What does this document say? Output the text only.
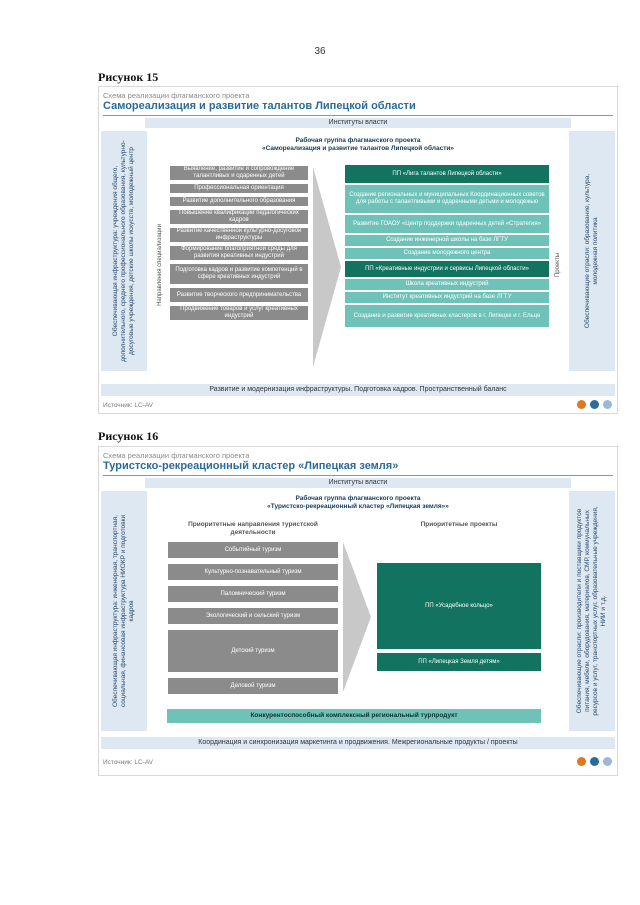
36
Рисунок 15
Схема реализации флагманского проекта
Самореализация и развитие талантов Липецкой области
Институты власти
Обеспечивающая инфраструктура: учреждения общего, дополнительного, среднего профессионального образования, культурно-досуговые учреждения, детские школы искусств, молодежный центр	Обеспечивающие отрасли: образование, культура, молодежная политика
Рабочая группа флагманского проекта
«Самореализация и развитие талантов Липецкой области»
Направления специализации	Проекты
Выявление, развитие и сопровождение талантливых и одаренных детей
Профессиональная ориентация
Развитие дополнительного образования
Повышение квалификации педагогических кадров
Развитие качественной культурно-досуговой инфраструктуры
Формирование благоприятной среды для развития креативных индустрий
Подготовка кадров и развитие компетенций в сфере креативных индустрий
Развитие творческого предпринимательства
Продвижение товаров и услуг креативных индустрий
ПП «Лига талантов Липецкой области»
Создание региональных и муниципальных Координационных советов для работы с талантливыми и одаренными детьми и молодежью
Развитие ГОАОУ «Центр поддержки одаренных детей «Стратегия»
Создание инженерной школы на базе ЛГТУ
Создание молодежного центра
ПП «Креативные индустрии и сервисы Липецкой области»
Школа креативных индустрий
Институт креативных индустрий на базе ЛГТУ
Создание и развитие креативных кластеров в г. Липецке и г. Ельце
Развитие и модернизация инфраструктуры. Подготовка кадров. Пространственный баланс
Источник: LC-AV
Рисунок 16
Схема реализации флагманского проекта
Туристско-рекреационный кластер «Липецкая земля»
Институты власти
Обеспечивающая инфраструктура: инженерная, транспортная, социальная, финансовая инфраструктура НИОКР и подготовки кадров	Обеспечивающие отрасли: производители и поставщики продуктов питания, мебели, оборудования, материалов, СМР, коммунальных ресурсов и услуг, транспортных услуг, образовательные учреждения, НИИ и т.д.
Рабочая группа флагманского проекта
«Туристско-рекреационный кластер «Липецкая земля»»
Приоритетные направления туристской деятельности
Приоритетные проекты
Событийный туризм
Культурно-познавательный туризм
Паломнический туризм
Экологический и сельский туризм
Детский туризм
Деловой туризм
ПП «Усадебное кольцо»
ПП «Липецкая Земля детям»
Конкурентоспособный комплексный региональный турпродукт
Координация и синхронизация маркетинга и продвижения. Межрегиональные продукты / проекты
Источник: LC-AV
